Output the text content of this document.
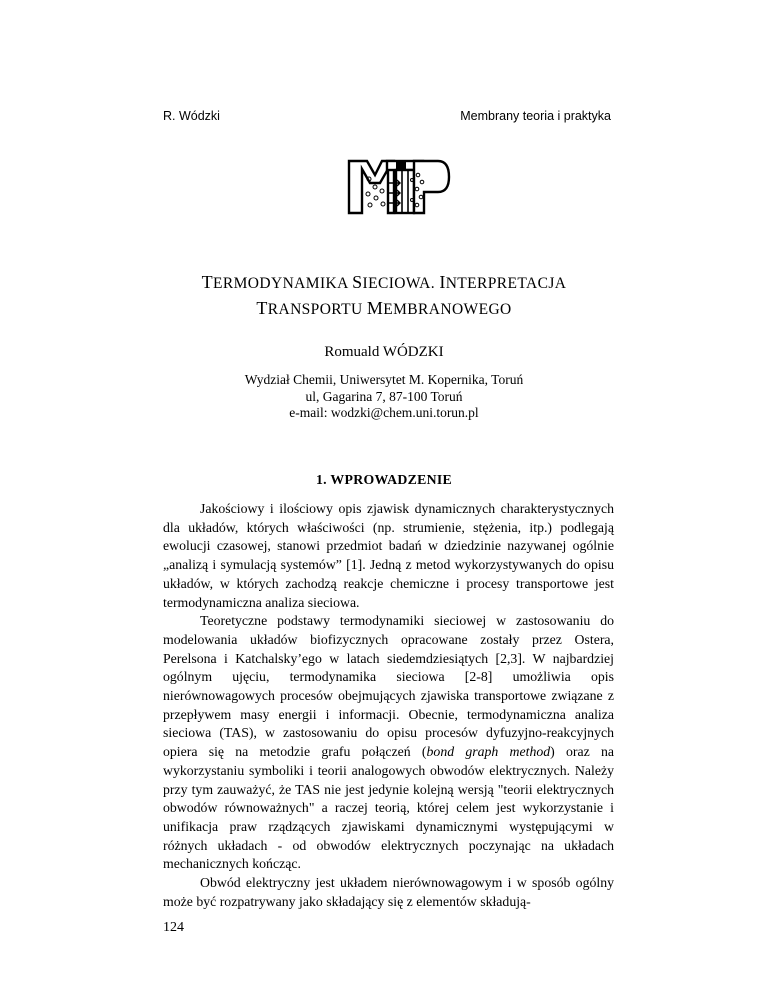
R. Wódzki	Membrany teoria i praktyka
TERMODYNAMIKA SIECIOWA. INTERPRETACJA
TRANSPORTU MEMBRANOWEGO
Romuald WÓDZKI
Wydział Chemii, Uniwersytet M. Kopernika, Toruń
ul, Gagarina 7, 87-100 Toruń
e-mail: wodzki@chem.uni.torun.pl
1. WPROWADZENIE

Jakościowy i ilościowy opis zjawisk dynamicznych charakterystycznych dla układów, których właściwości (np. strumienie, stężenia, itp.) podlegają ewolucji czasowej, stanowi przedmiot badań w dziedzinie nazywanej ogólnie „analizą i symulacją systemów” [1]. Jedną z metod wykorzystywanych do opisu układów, w których zachodzą reakcje chemiczne i procesy transportowe jest termodynamiczna analiza sieciowa.

Teoretyczne podstawy termodynamiki sieciowej w zastosowaniu do modelowania układów biofizycznych opracowane zostały przez Ostera, Perelsona i Katchalsky’ego w latach siedemdziesiątych [2,3]. W najbardziej ogólnym ujęciu, termodynamika sieciowa [2-8] umożliwia opis nierównowagowych procesów obejmujących zjawiska transportowe związane z przepływem masy energii i informacji. Obecnie, termodynamiczna analiza sieciowa (TAS), w zastosowaniu do opisu procesów dyfuzyjno-reakcyjnych opiera się na metodzie grafu połączeń (bond graph method) oraz na wykorzystaniu symboliki i teorii analogowych obwodów elektrycznych. Należy przy tym zauważyć, że TAS nie jest jedynie kolejną wersją "teorii elektrycznych obwodów równoważnych" a raczej teorią, której celem jest wykorzystanie i unifikacja praw rządzących zjawiskami dynamicznymi występującymi w różnych układach - od obwodów elektrycznych poczynając na układach mechanicznych kończąc.

Obwód elektryczny jest układem nierównowagowym i w sposób ogólny może być rozpatrywany jako składający się z elementów składują-

124
